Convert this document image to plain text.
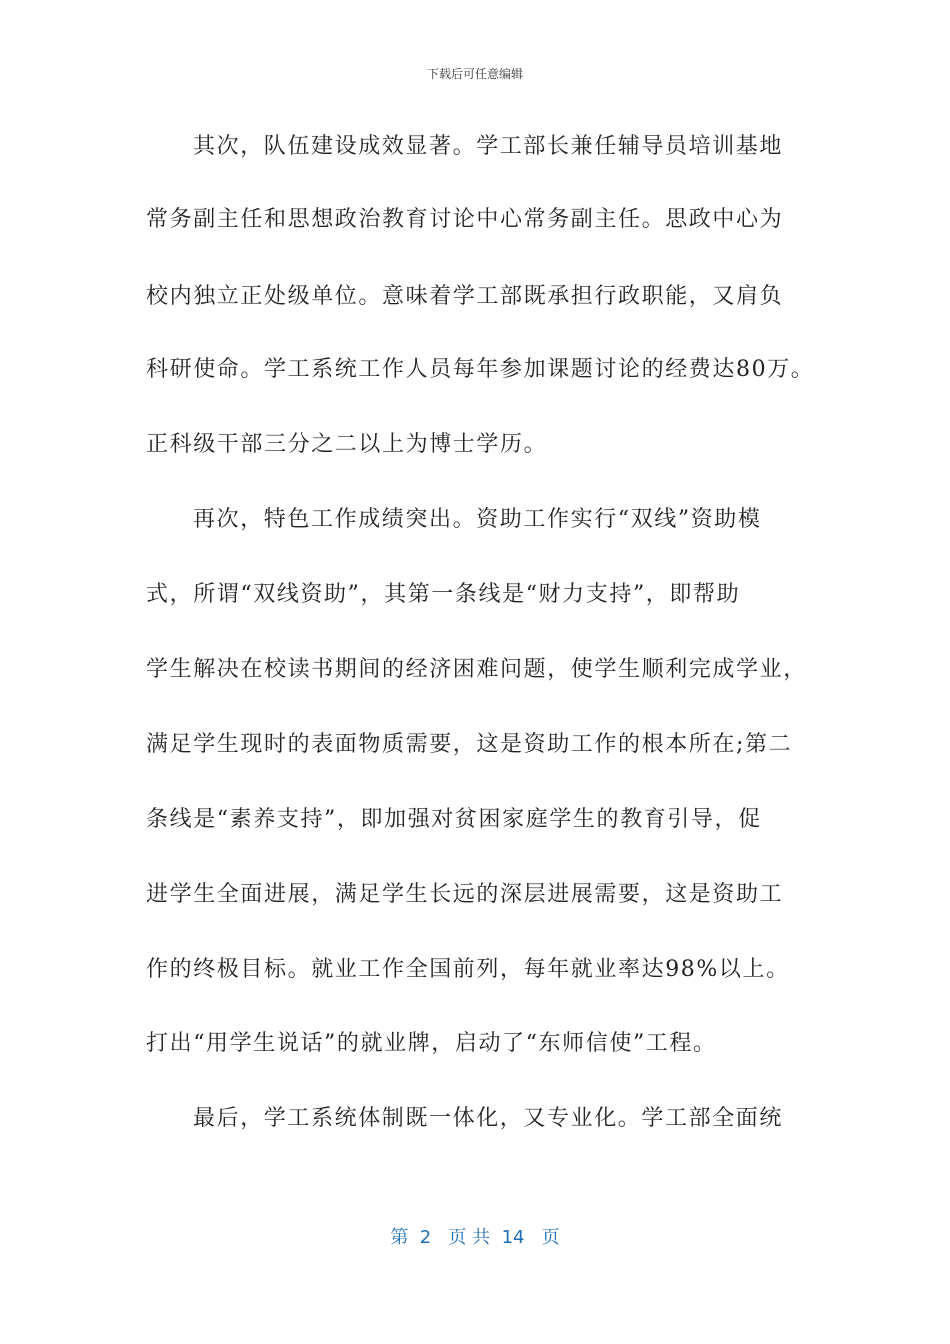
下载后可任意编辑
其次，队伍建设成效显著。学工部长兼任辅导员培训基地
常务副主任和思想政治教育讨论中心常务副主任。思政中心为
校内独立正处级单位。意味着学工部既承担行政职能，又肩负
科研使命。学工系统工作人员每年参加课题讨论的经费达80万。
正科级干部三分之二以上为博士学历。
再次，特色工作成绩突出。资助工作实行“双线”资助模
式，所谓“双线资助”，其第一条线是“财力支持”，即帮助
学生解决在校读书期间的经济困难问题，使学生顺利完成学业，
满足学生现时的表面物质需要，这是资助工作的根本所在;第二
条线是“素养支持”，即加强对贫困家庭学生的教育引导，促
进学生全面进展，满足学生长远的深层进展需要，这是资助工
作的终极目标。就业工作全国前列，每年就业率达98%以上。
打出“用学生说话”的就业牌，启动了“东师信使”工程。
最后，学工系统体制既一体化，又专业化。学工部全面统
第  2   页 共  14   页
